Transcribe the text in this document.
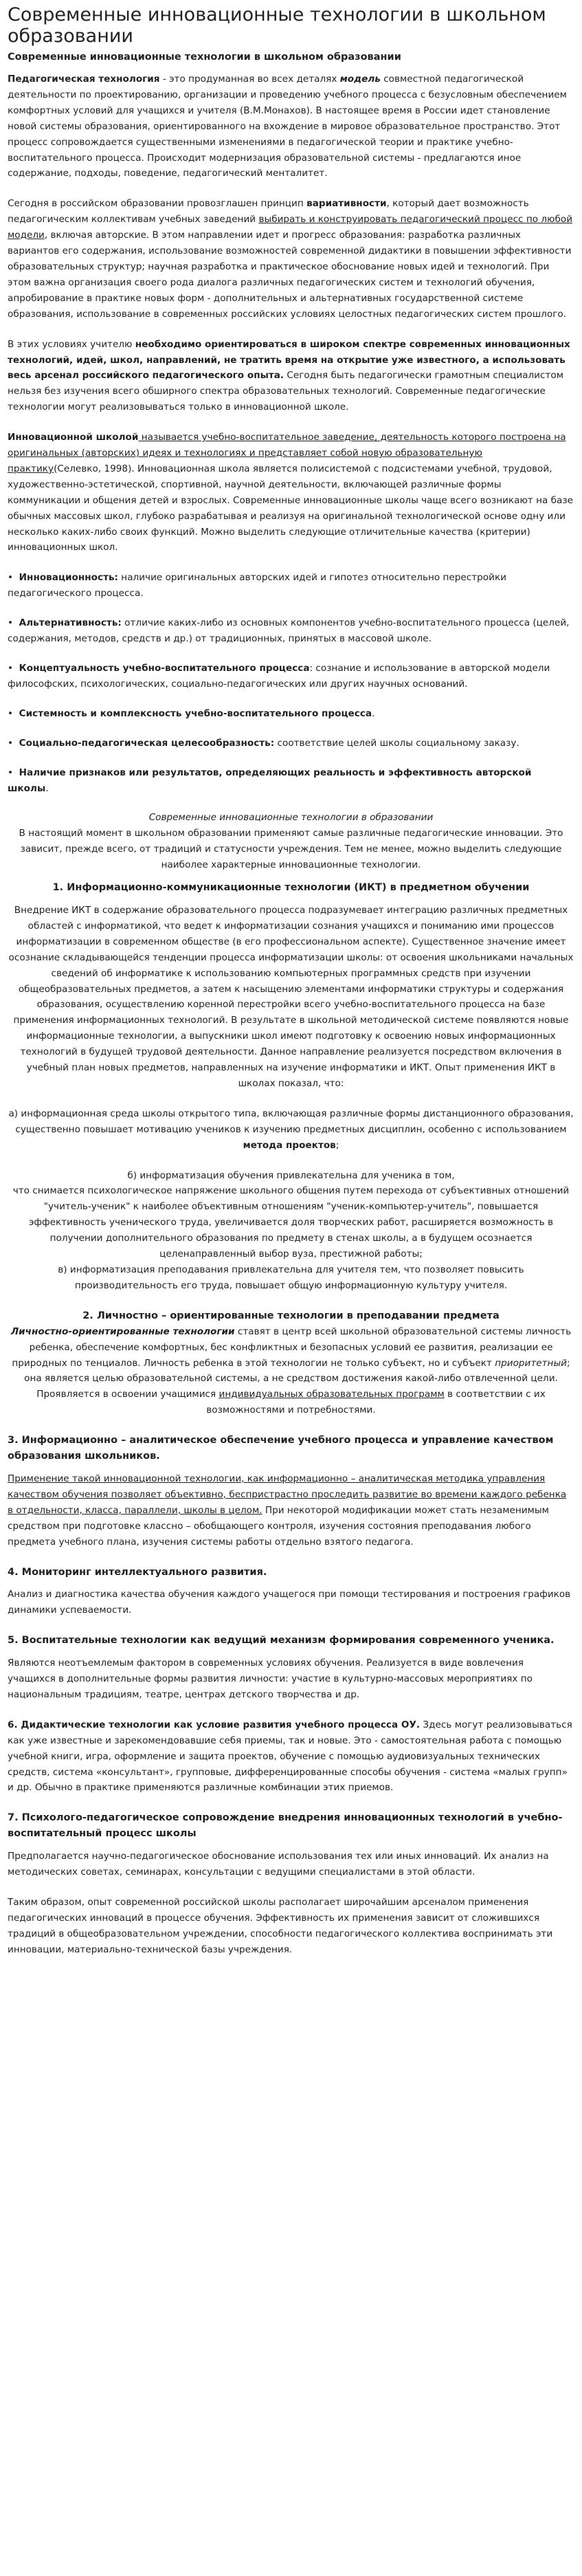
Современные инновационные технологии в школьном образовании
Современные инновационные технологии в школьном образовании

Педагогическая технология - это продуманная во всех деталях модель совместной педагогической деятельности по проектированию, организации и проведению учебного процесса с безусловным обеспечением комфортных условий для учащихся и учителя (В.М.Монахов). В настоящее время в России идет становление новой системы образования, ориентированного на вхождение в мировое образовательное пространство. Этот процесс сопровождается существенными изменениями в педагогической теории и практике учебно-воспитательного процесса. Происходит модернизация образовательной системы - предлагаются иное содержание, подходы, поведение, педагогический менталитет.

Сегодня в российском образовании провозглашен принцип вариативности, который дает возможность педагогическим коллективам учебных заведений выбирать и конструировать педагогический процесс по любой модели, включая авторские. В этом направлении идет и прогресс образования: разработка различных вариантов его содержания, использование возможностей современной дидактики в повышении эффективности образовательных структур; научная разработка и практическое обоснование новых идей и технологий. При этом важна организация своего рода диалога различных педагогических систем и технологий обучения, апробирование в практике новых форм - дополнительных и альтернативных государственной системе образования, использование в современных российских условиях целостных педагогических систем прошлого.

В этих условиях учителю необходимо ориентироваться в широком спектре современных инновационных технологий, идей, школ, направлений, не тратить время на открытие уже известного, а использовать весь арсенал российского педагогического опыта. Сегодня быть педагогически грамотным специалистом нельзя без изучения всего обширного спектра образовательных технологий. Современные педагогические технологии могут реализовываться только в инновационной школе.

Инновационной школой называется учебно-воспитательное заведение, деятельность которого построена на оригинальных (авторских) идеях и технологиях и представляет собой новую образовательную практику(Селевко, 1998). Инновационная школа является полисистемой с подсистемами учебной, трудовой, художественно-эстетической, спортивной, научной деятельности, включающей различные формы коммуникации и общения детей и взрослых. Современные инновационные школы чаще всего возникают на базе обычных массовых школ, глубоко разрабатывая и реализуя на оригинальной технологической основе одну или несколько каких-либо своих функций. Можно выделить следующие отличительные качества (критерии) инновационных школ.

•  Инновационность: наличие оригинальных авторских идей и гипотез относительно перестройки педагогического процесса.
•  Альтернативность: отличие каких-либо из основных компонентов учебно-воспитательного процесса (целей, содержания, методов, средств и др.) от традиционных, принятых в массовой школе.
•  Концептуальность учебно-воспитательного процесса: сознание и использование в авторской модели философских, психологических, социально-педагогических или других научных оснований.
•  Системность и комплексность учебно-воспитательного процесса.
•  Социально-педагогическая целесообразность: соответствие целей школы социальному заказу.
•  Наличие признаков или результатов, определяющих реальность и эффективность авторской школы.
Современные инновационные технологии в образовании
В настоящий момент в школьном образовании применяют самые различные педагогические инновации. Это зависит, прежде всего, от традиций и статусности учреждения. Тем не менее, можно выделить следующие наиболее характерные инновационные технологии.
1. Информационно-коммуникационные технологии (ИКТ) в предметном обучении
Внедрение ИКТ в содержание образовательного процесса подразумевает интеграцию различных предметных областей с информатикой, что ведет к информатизации сознания учащихся и пониманию ими процессов информатизации в современном обществе (в его профессиональном аспекте). Существенное значение имеет осознание складывающейся тенденции процесса информатизации школы: от освоения школьниками начальных сведений об информатике к использованию компьютерных программных средств при изучении общеобразовательных предметов, а затем к насыщению элементами информатики структуры и содержания образования, осуществлению коренной перестройки всего учебно-воспитательного процесса на базе применения информационных технологий. В результате в школьной методической системе появляются новые информационные технологии, а выпускники школ имеют подготовку к освоению новых информационных технологий в будущей трудовой деятельности. Данное направление реализуется посредством включения в учебный план новых предметов, направленных на изучение информатики и ИКТ. Опыт применения ИКТ в школах показал, что:
а) информационная среда школы открытого типа, включающая различные формы дистанционного образования, существенно повышает мотивацию учеников к изучению предметных дисциплин, особенно с использованием метода проектов;
б) информатизация обучения привлекательна для ученика в том,
что снимается психологическое напряжение школьного общения путем перехода от субъективных отношений "учитель-ученик" к наиболее объективным отношениям "ученик-компьютер-учитель", повышается эффективность ученического труда, увеличивается доля творческих работ, расширяется возможность в получении дополнительного образования по предмету в стенах школы, а в будущем осознается целенаправленный выбор вуза, престижной работы;
в) информатизация преподавания привлекательна для учителя тем, что позволяет повысить производительность его труда, повышает общую информационную культуру учителя.
2. Личностно – ориентированные технологии в преподавании предмета
Личностно-ориентированные технологии ставят в центр всей школьной образовательной системы личность ребенка, обеспечение комфортных, бес конфликтных и безопасных условий ее развития, реализации ее природных по тенциалов. Личность ребенка в этой технологии не только субъект, но и субъект приоритетный; она является целью образовательной системы, а не средством достижения какой-либо отвлеченной цели. Проявляется в освоении учащимися индивидуальных образовательных программ в соответствии с их возможностями и потребностями.
3. Информационно – аналитическое обеспечение учебного процесса и управление качеством образования школьников.

Применение такой инновационной технологии, как информационно – аналитическая методика управления качеством обучения позволяет объективно, беспристрастно проследить развитие во времени каждого ребенка в отдельности, класса, параллели, школы в целом. При некоторой модификации может стать незаменимым средством при подготовке классно – обобщающего контроля, изучения состояния преподавания любого предмета учебного плана, изучения системы работы отдельно взятого педагога.

4. Мониторинг интеллектуального развития.

Анализ и диагностика качества обучения каждого учащегося при помощи тестирования и построения графиков динамики успеваемости.

5. Воспитательные технологии как ведущий механизм формирования современного ученика.

Являются неотъемлемым фактором в современных условиях обучения. Реализуется в виде вовлечения учащихся в дополнительные формы развития личности: участие в культурно-массовых мероприятиях по национальным традициям, театре, центрах детского творчества и др.

6. Дидактические технологии как условие развития учебного процесса ОУ. Здесь могут реализовываться как уже известные и зарекомендовавшие себя приемы, так и новые. Это - самостоятельная работа с помощью учебной книги, игра, оформление и защита проектов, обучение с помощью аудиовизуальных технических средств, система «консультант», групповые, дифференцированные способы обучения - система «малых групп» и др. Обычно в практике применяются различные комбинации этих приемов.

7. Психолого-педагогическое сопровождение внедрения инновационных технологий в учебно-воспитательный процесс школы

Предполагается научно-педагогическое обоснование использования тех или иных инноваций. Их анализ на методических советах, семинарах, консультации с ведущими специалистами в этой области.

Таким образом, опыт современной российской школы располагает широчайшим арсеналом применения педагогических инноваций в процессе обучения. Эффективность их применения зависит от сложившихся традиций в общеобразовательном учреждении, способности педагогического коллектива воспринимать эти инновации, материально-технической базы учреждения.
